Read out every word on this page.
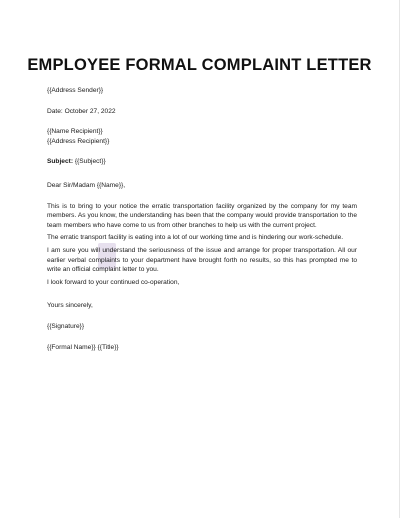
EMPLOYEE FORMAL COMPLAINT LETTER
{{Address Sender}}
Date: October 27, 2022
{{Name Recipient}}
{{Address Recipient}}
Subject: {{Subject}}
Dear Sir/Madam {{Name}},

This is to bring to your notice the erratic transportation facility organized by the company for my team members. As you know, the understanding has been that the company would provide transportation to the team members who have come to us from other branches to help us with the current project.

The erratic transport facility is eating into a lot of our working time and is hindering our work-schedule.

I am sure you will understand the seriousness of the issue and arrange for proper transportation. All our earlier verbal complaints to your department have brought forth no results, so this has prompted me to write an official complaint letter to you.

I look forward to your continued co-operation,

Yours sincerely,
{{Signature}}
{{Formal Name}} {{Title}}
